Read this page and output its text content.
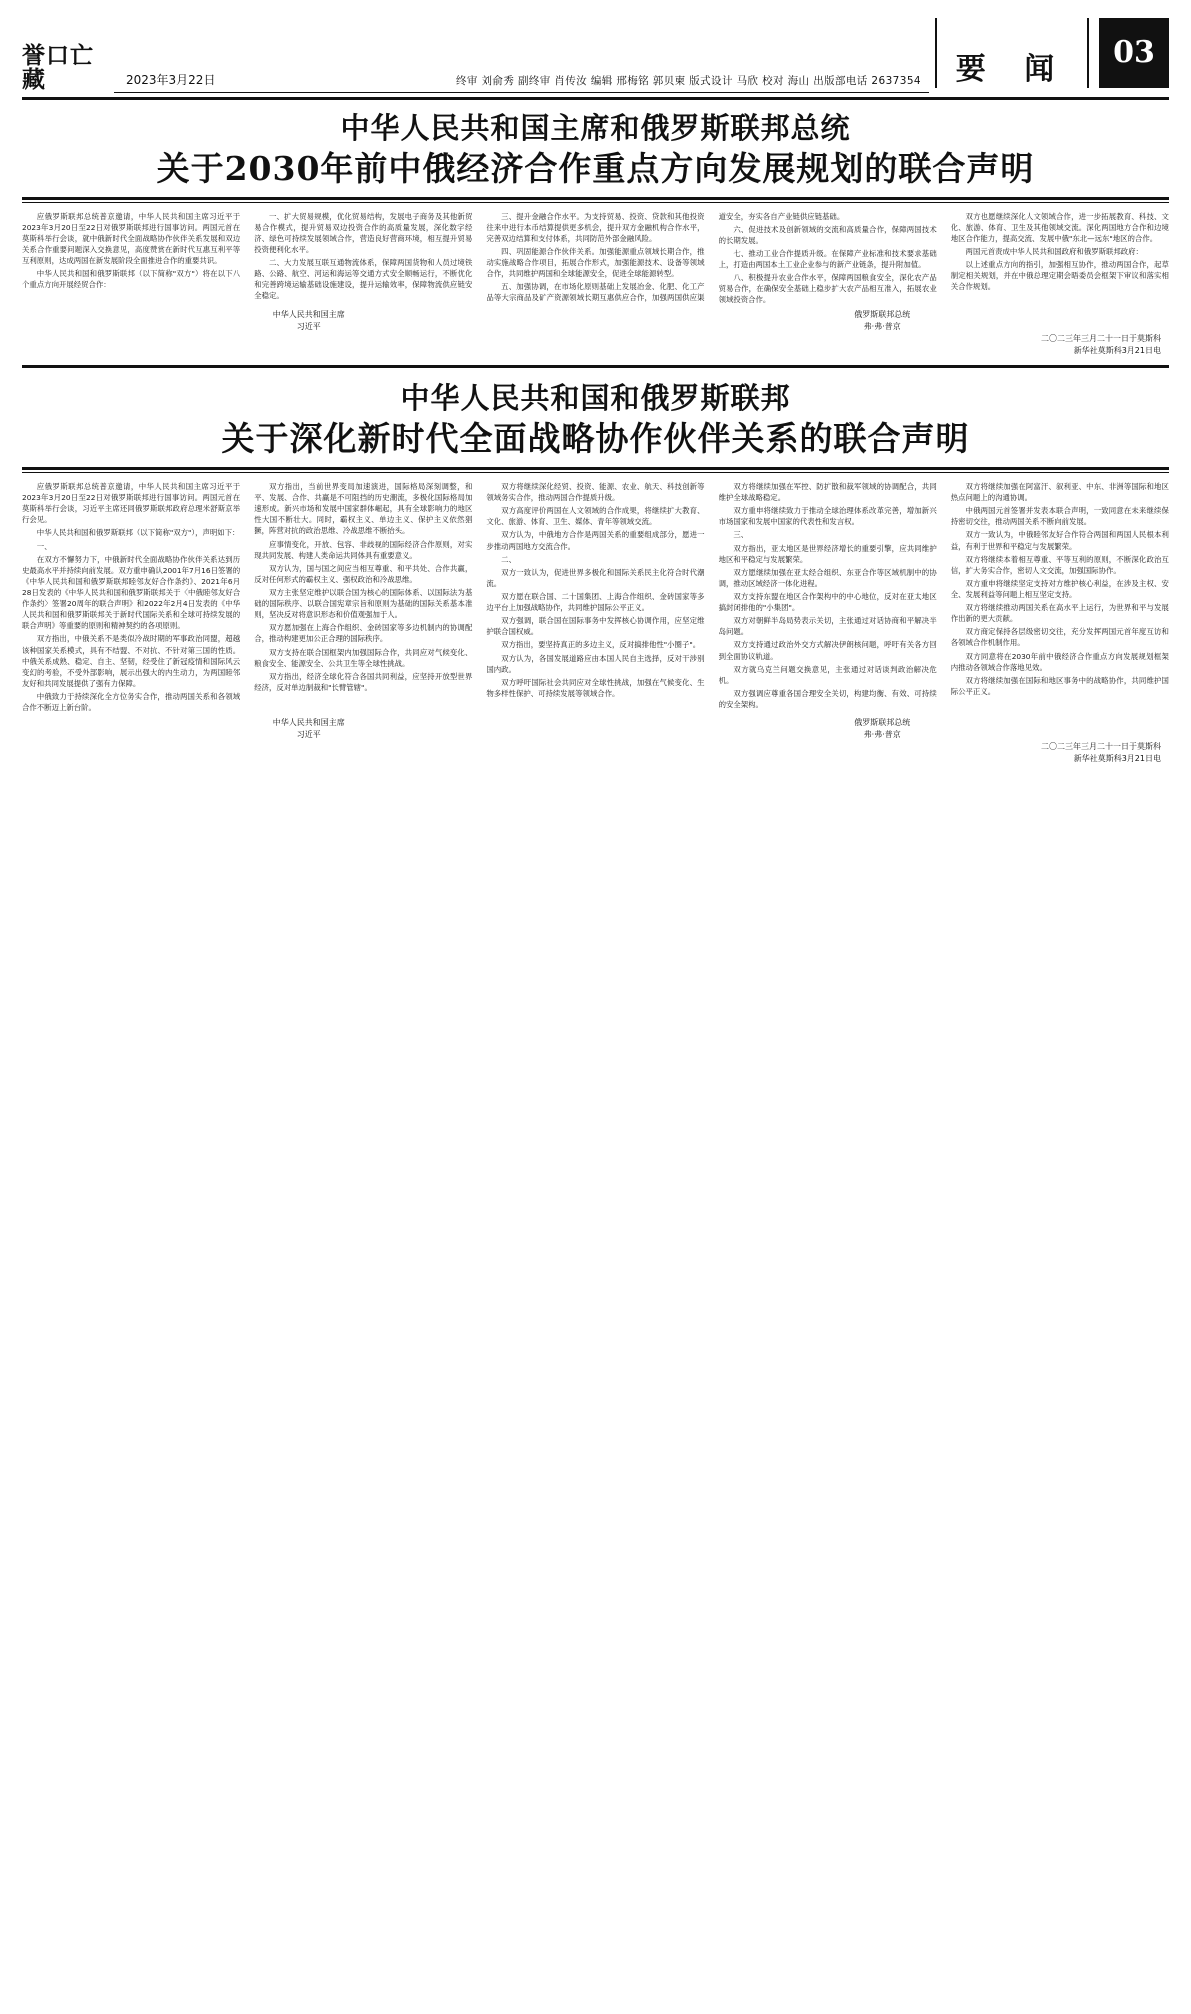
誉口亡藏	2023年3月22日	终审 刘俞秀 副终审 肖传汝 编辑 邢梅铭 郭贝柬 版式设计 马欣 校对 海山 出版部电话 2637354	要 闻	03
中华人民共和国主席和俄罗斯联邦总统
关于2030年前中俄经济合作重点方向发展规划的联合声明

应俄罗斯联邦总统普京邀请，中华人民共和国主席习近平于2023年3月20日至22日对俄罗斯联邦进行国事访问。两国元首在莫斯科举行会谈，就中俄新时代全面战略协作伙伴关系发展和双边关系合作重要问题深入交换意见，高度赞赏在新时代互惠互利平等互利原则，达成两国在新发展阶段全面推进合作的重要共识。

中华人民共和国和俄罗斯联邦（以下简称"双方"）将在以下八个重点方向开展经贸合作：

一、扩大贸易规模，优化贸易结构，发展电子商务及其他新贸易合作模式，提升贸易双边投资合作的高质量发展，深化数字经济、绿色可持续发展领域合作，营造良好营商环境，相互提升贸易投资便利化水平。

二、大力发展互联互通物流体系，保障两国货物和人员过境铁路、公路、航空、河运和海运等交通方式安全顺畅运行，不断优化和完善跨境运输基础设施建设，提升运输效率，保障物流供应链安全稳定。

三、提升金融合作水平。为支持贸易、投资、贷款和其他投资往来中进行本币结算提供更多机会，提升双方金融机构合作水平，完善双边结算和支付体系，共同防范外部金融风险。

四、巩固能源合作伙伴关系。加强能源重点领域长期合作，推动实施战略合作项目，拓展合作形式，加强能源技术、设备等领域合作，共同维护两国和全球能源安全，促进全球能源转型。

五、加强协调，在市场化原则基础上发展冶金、化肥、化工产品等大宗商品及矿产资源领域长期互惠供应合作，加强两国供应渠道安全，夯实各自产业链供应链基础。

六、促进技术及创新领域的交流和高质量合作，保障两国技术的长期发展。

七、推动工业合作提质升级。在保障产业标准和技术要求基础上，打造由两国本土工业企业参与的新产业链条，提升附加值。

八、积极提升农业合作水平，保障两国粮食安全，深化农产品贸易合作，在确保安全基础上稳步扩大农产品相互准入，拓展农业领域投资合作。

双方也愿继续深化人文领域合作，进一步拓展教育、科技、文化、旅游、体育、卫生及其他领域交流。深化两国地方合作和边境地区合作能力，提高交流、发展中俄"东北—远东"地区的合作。

两国元首责成中华人民共和国政府和俄罗斯联邦政府：

以上述重点方向的指引，加强相互协作，推动两国合作，起草制定相关规划，并在中俄总理定期会晤委员会框架下审议和落实相关合作规划。

中华人民共和国主席
习近平
俄罗斯联邦总统
弗·弗·普京
二〇二三年三月二十一日于莫斯科
新华社莫斯科3月21日电
中华人民共和国和俄罗斯联邦
关于深化新时代全面战略协作伙伴关系的联合声明

应俄罗斯联邦总统普京邀请，中华人民共和国主席习近平于2023年3月20日至22日对俄罗斯联邦进行国事访问。两国元首在莫斯科举行会谈，习近平主席还同俄罗斯联邦政府总理米舒斯京举行会见。

中华人民共和国和俄罗斯联邦（以下简称"双方"），声明如下：

一、

在双方不懈努力下，中俄新时代全面战略协作伙伴关系达到历史最高水平并持续向前发展。双方重申确认2001年7月16日签署的《中华人民共和国和俄罗斯联邦睦邻友好合作条约》、2021年6月28日发表的《中华人民共和国和俄罗斯联邦关于〈中俄睦邻友好合作条约〉签署20周年的联合声明》和2022年2月4日发表的《中华人民共和国和俄罗斯联邦关于新时代国际关系和全球可持续发展的联合声明》等重要的原则和精神契约的各项原则。

双方指出，中俄关系不是类似冷战时期的军事政治同盟，超越该种国家关系模式，具有不结盟、不对抗、不针对第三国的性质。中俄关系成熟、稳定、自主、坚韧，经受住了新冠疫情和国际风云变幻的考验，不受外部影响，展示出强大的内生动力，为两国睦邻友好和共同发展提供了强有力保障。

中俄致力于持续深化全方位务实合作，推动两国关系和各领域合作不断迈上新台阶。

双方指出，当前世界变局加速演进，国际格局深刻调整，和平、发展、合作、共赢是不可阻挡的历史潮流，多极化国际格局加速形成。新兴市场和发展中国家群体崛起，具有全球影响力的地区性大国不断壮大。同时，霸权主义、单边主义、保护主义依然猖獗，阵营对抗的政治思维、冷战思维不断抬头。

应事情变化，开放、包容、非歧视的国际经济合作原则，对实现共同发展、构建人类命运共同体具有重要意义。

双方认为，国与国之间应当相互尊重、和平共处、合作共赢，反对任何形式的霸权主义、强权政治和冷战思维。

双方主张坚定维护以联合国为核心的国际体系、以国际法为基础的国际秩序、以联合国宪章宗旨和原则为基础的国际关系基本准则，坚决反对将意识形态和价值观强加于人。

双方愿加强在上海合作组织、金砖国家等多边机制内的协调配合，推动构建更加公正合理的国际秩序。

双方支持在联合国框架内加强国际合作，共同应对气候变化、粮食安全、能源安全、公共卫生等全球性挑战。

双方指出，经济全球化符合各国共同利益，应坚持开放型世界经济，反对单边制裁和"长臂管辖"。

双方将继续深化经贸、投资、能源、农业、航天、科技创新等领域务实合作，推动两国合作提质升级。

双方高度评价两国在人文领域的合作成果，将继续扩大教育、文化、旅游、体育、卫生、媒体、青年等领域交流。

双方认为，中俄地方合作是两国关系的重要组成部分，愿进一步推动两国地方交流合作。

二、

双方一致认为，促进世界多极化和国际关系民主化符合时代潮流。

双方愿在联合国、二十国集团、上海合作组织、金砖国家等多边平台上加强战略协作，共同维护国际公平正义。

双方强调，联合国在国际事务中发挥核心协调作用，应坚定维护联合国权威。

双方指出，要坚持真正的多边主义，反对搞排他性"小圈子"。

双方认为，各国发展道路应由本国人民自主选择，反对干涉别国内政。

双方呼吁国际社会共同应对全球性挑战，加强在气候变化、生物多样性保护、可持续发展等领域合作。

双方将继续加强在军控、防扩散和裁军领域的协调配合，共同维护全球战略稳定。

双方重申将继续致力于推动全球治理体系改革完善，增加新兴市场国家和发展中国家的代表性和发言权。

三、

双方指出，亚太地区是世界经济增长的重要引擎，应共同维护地区和平稳定与发展繁荣。

双方愿继续加强在亚太经合组织、东亚合作等区域机制中的协调，推动区域经济一体化进程。

双方支持东盟在地区合作架构中的中心地位，反对在亚太地区搞封闭排他的"小集团"。

双方对朝鲜半岛局势表示关切，主张通过对话协商和平解决半岛问题。

双方支持通过政治外交方式解决伊朗核问题，呼吁有关各方回到全面协议轨道。

双方就乌克兰问题交换意见，主张通过对话谈判政治解决危机。

双方强调应尊重各国合理安全关切，构建均衡、有效、可持续的安全架构。

双方将继续加强在阿富汗、叙利亚、中东、非洲等国际和地区热点问题上的沟通协调。

中俄两国元首签署并发表本联合声明，一致同意在未来继续保持密切交往，推动两国关系不断向前发展。

双方一致认为，中俄睦邻友好合作符合两国和两国人民根本利益，有利于世界和平稳定与发展繁荣。

双方将继续本着相互尊重、平等互利的原则，不断深化政治互信，扩大务实合作，密切人文交流，加强国际协作。

双方重申将继续坚定支持对方维护核心利益，在涉及主权、安全、发展利益等问题上相互坚定支持。

双方将继续推动两国关系在高水平上运行，为世界和平与发展作出新的更大贡献。

双方商定保持各层级密切交往，充分发挥两国元首年度互访和各领域合作机制作用。

双方同意将在2030年前中俄经济合作重点方向发展规划框架内推动各领域合作落地见效。

双方将继续加强在国际和地区事务中的战略协作，共同维护国际公平正义。

中华人民共和国主席
习近平
俄罗斯联邦总统
弗·弗·普京
二〇二三年三月二十一日于莫斯科
新华社莫斯科3月21日电
